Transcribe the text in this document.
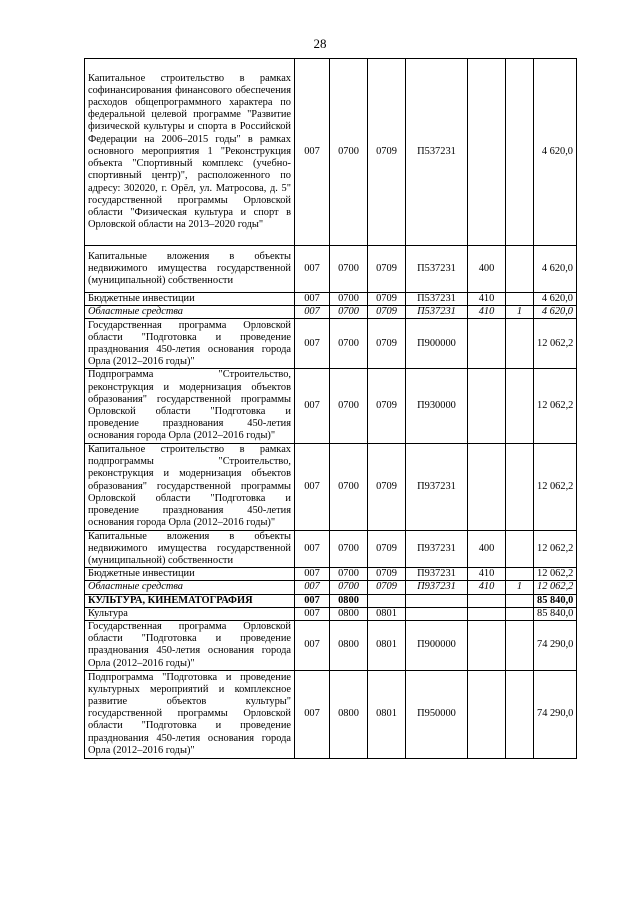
28
Капитальное строительство в рамках софинансирования финансового обеспечения расходов общепрограммного характера по федеральной целевой программе "Развитие физической культуры и спорта в Российской Федерации на 2006–2015 годы" в рамках основного мероприятия 1 "Реконструкция объекта "Спортивный комплекс (учебно-спортивный центр)", расположенного по адресу: 302020, г. Орёл, ул. Матросова, д. 5" государственной программы Орловской области "Физическая культура и спорт в Орловской области на 2013–2020 годы"	007	0700	0709	П537231			4 620,0
Капитальные вложения в объекты недвижимого имущества государственной (муниципальной) собственности	007	0700	0709	П537231	400		4 620,0
Бюджетные инвестиции	007	0700	0709	П537231	410		4 620,0
Областные средства	007	0700	0709	П537231	410	1	4 620,0
Государственная программа Орловской области "Подготовка и проведение празднования 450-летия основания города Орла (2012–2016 годы)"	007	0700	0709	П900000			12 062,2
Подпрограмма "Строительство, реконструкция и модернизация объектов образования" государственной программы Орловской области "Подготовка и проведение празднования 450-летия основания города Орла (2012–2016 годы)"	007	0700	0709	П930000			12 062,2
Капитальное строительство в рамках подпрограммы "Строительство, реконструкция и модернизация объектов образования" государственной программы Орловской области "Подготовка и проведение празднования 450-летия основания города Орла (2012–2016 годы)"	007	0700	0709	П937231			12 062,2
Капитальные вложения в объекты недвижимого имущества государственной (муниципальной) собственности	007	0700	0709	П937231	400		12 062,2
Бюджетные инвестиции	007	0700	0709	П937231	410		12 062,2
Областные средства	007	0700	0709	П937231	410	1	12 062,2
КУЛЬТУРА, КИНЕМАТОГРАФИЯ	007	0800					85 840,0
Культура	007	0800	0801				85 840,0
Государственная программа Орловской области "Подготовка и проведение празднования 450-летия основания города Орла (2012–2016 годы)"	007	0800	0801	П900000			74 290,0
Подпрограмма "Подготовка и проведение культурных мероприятий и комплексное развитие объектов культуры" государственной программы Орловской области "Подготовка и проведение празднования 450-летия основания города Орла (2012–2016 годы)"	007	0800	0801	П950000			74 290,0
